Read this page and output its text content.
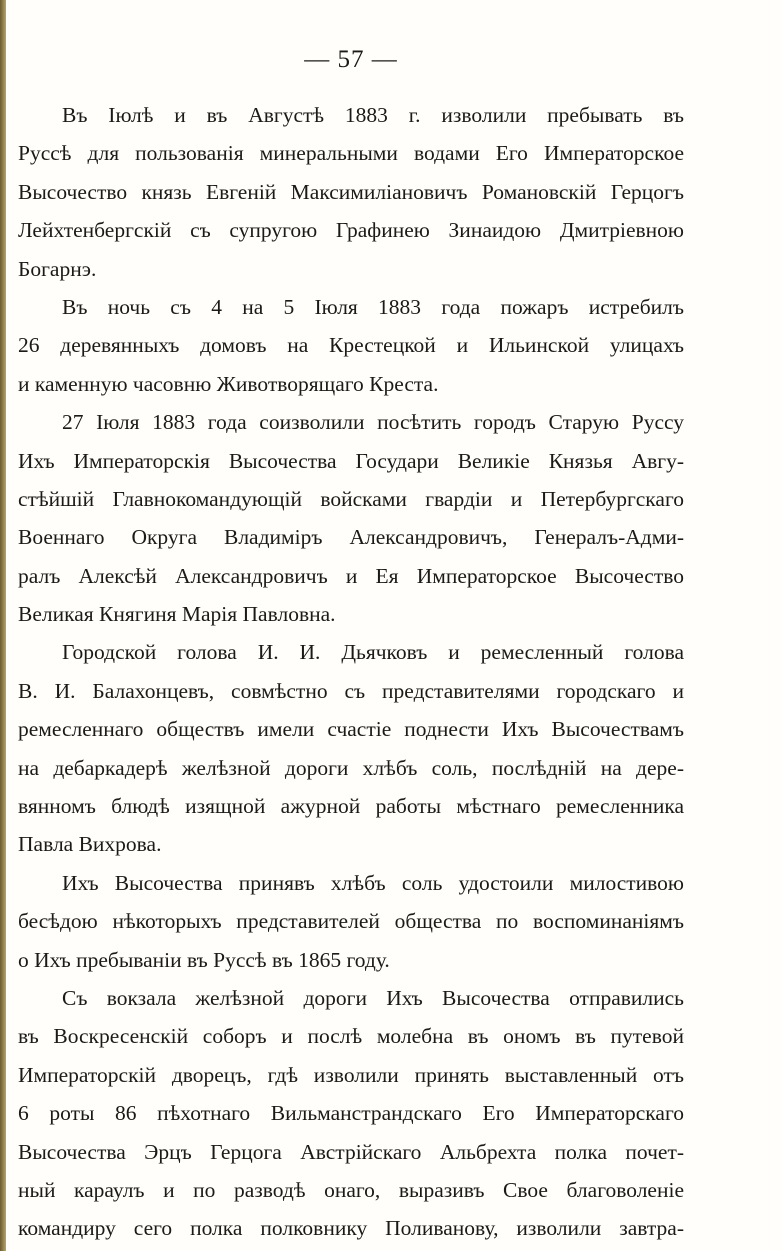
— 57 —
Въ Іюлѣ и въ Августѣ 1883 г. изволили пребывать въ
Руссѣ для пользованія минеральными водами Его Императорское
Высочество князь Евгеній Максимиліановичъ Романовскій Герцогъ
Лейхтенбергскій съ супругою Графинею Зинаидою Дмитріевною
Богарнэ.
Въ ночь съ 4 на 5 Іюля 1883 года пожаръ истребилъ
26 деревянныхъ домовъ на Крестецкой и Ильинской улицахъ
и каменную часовню Животворящаго Креста.
27 Іюля 1883 года соизволили посѣтить городъ Старую Руссу
Ихъ Императорскія Высочества Государи Великіе Князья Авгу-
стѣйшій Главнокомандующій войсками гвардіи и Петербургскаго
Военнаго Округа Владиміръ Александровичъ, Генералъ-Адми-
ралъ Алексѣй Александровичъ и Ея Императорское Высочество
Великая Княгиня Марія Павловна.
Городской голова И. И. Дьячковъ и ремесленный голова
В. И. Балахонцевъ, совмѣстно съ представителями городскаго и
ремесленнаго обществъ имели счастіе поднести Ихъ Высочествамъ
на дебаркадерѣ желѣзной дороги хлѣбъ соль, послѣдній на дере-
вянномъ блюдѣ изящной ажурной работы мѣстнаго ремесленника
Павла Вихрова.
Ихъ Высочества принявъ хлѣбъ соль удостоили милостивою
бесѣдою нѣкоторыхъ представителей общества по воспоминаніямъ
о Ихъ пребываніи въ Руссѣ въ 1865 году.
Съ вокзала желѣзной дороги Ихъ Высочества отправились
въ Воскресенскій соборъ и послѣ молебна въ ономъ въ путевой
Императорскій дворецъ, гдѣ изволили принять выставленный отъ
6 роты 86 пѣхотнаго Вильманстрандскаго Его Императорскаго
Высочества Эрцъ Герцога Австрійскаго Альбрехта полка почет-
ный караулъ и по разводѣ онаго, выразивъ Свое благоволеніе
командиру сего полка полковнику Поливанову, изволили завтра-
